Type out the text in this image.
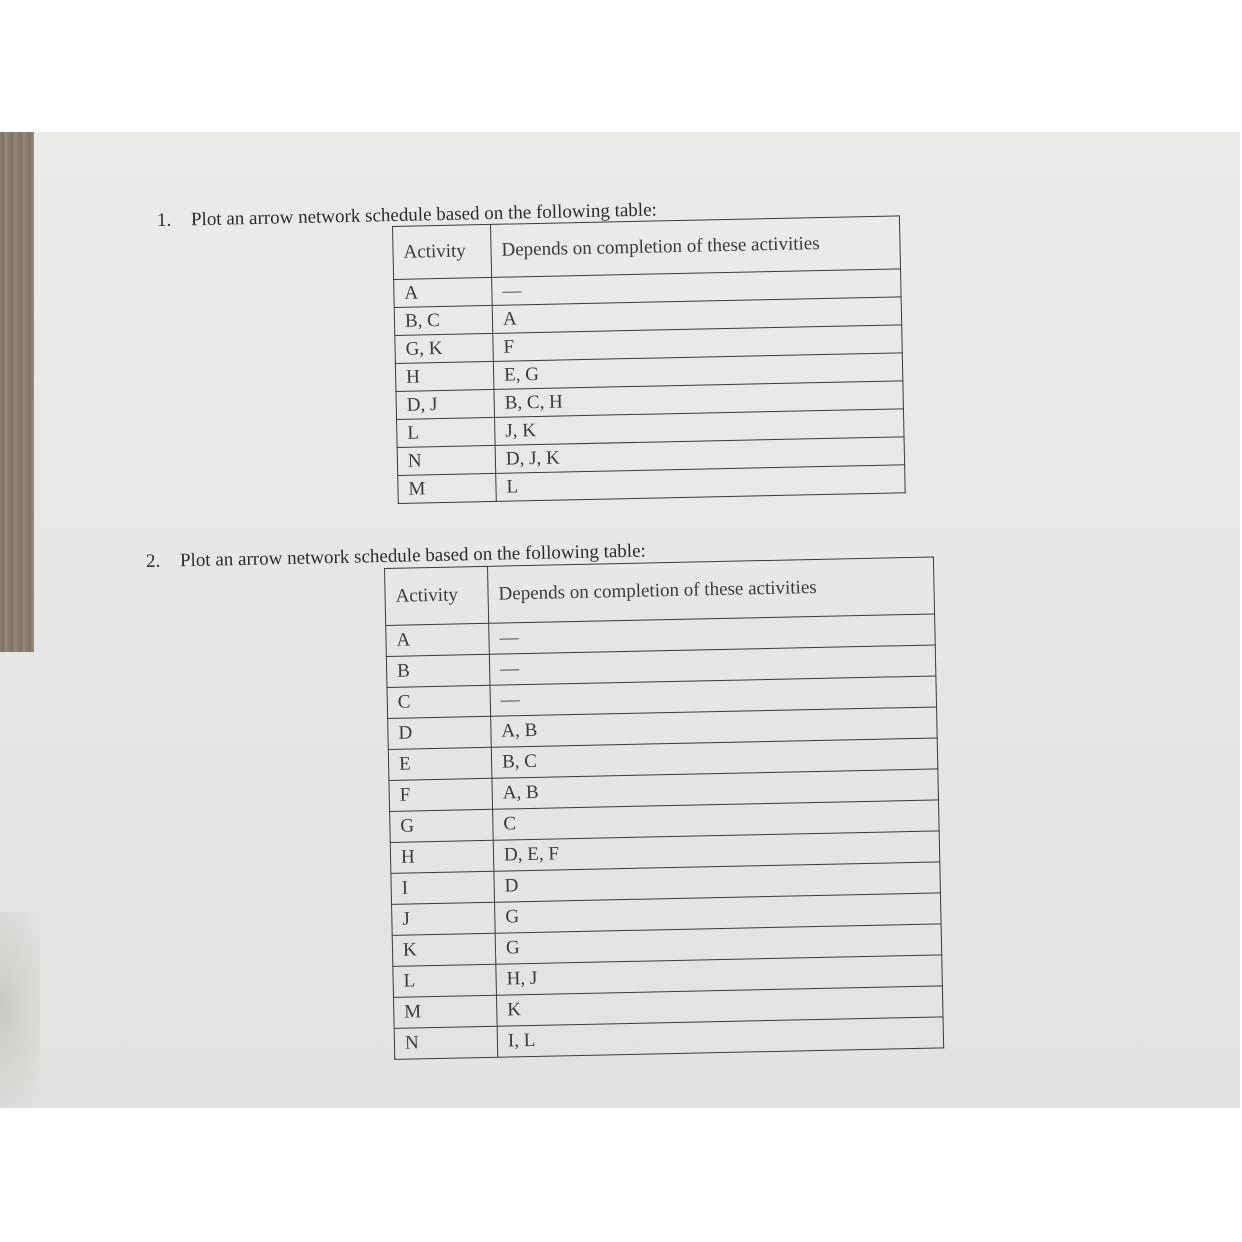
1. Plot an arrow network schedule based on the following table:
Activity	Depends on completion of these activities
A	—
B, C	A
G, K	F
H	E, G
D, J	B, C, H
L	J, K
N	D, J, K
M	L
2. Plot an arrow network schedule based on the following table:
Activity	Depends on completion of these activities
A	—
B	—
C	—
D	A, B
E	B, C
F	A, B
G	C
H	D, E, F
I	D
J	G
K	G
L	H, J
M	K
N	I, L
